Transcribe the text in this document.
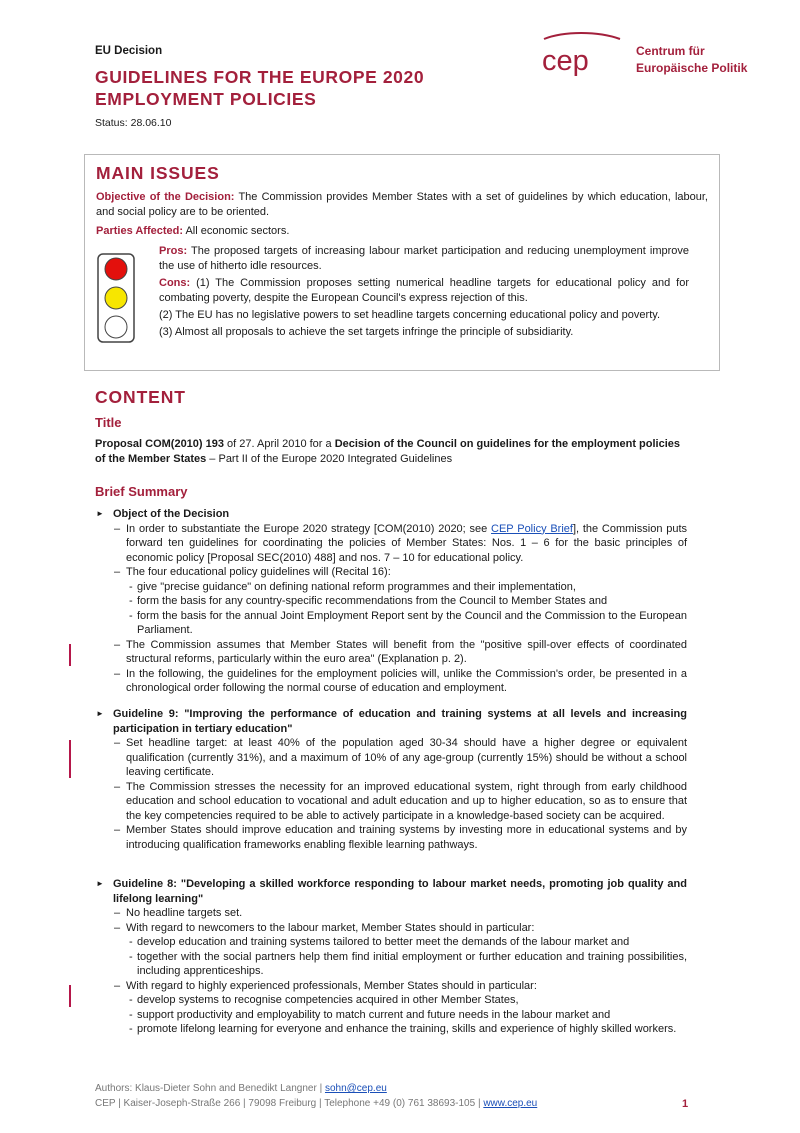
EU Decision
GUIDELINES FOR THE EUROPE 2020
EMPLOYMENT POLICIES
Status: 28.06.10
cep	Centrum für
Europäische Politik
MAIN ISSUES

Objective of the Decision: The Commission provides Member States with a set of guidelines by which education, labour, and social policy are to be oriented.

Parties Affected: All economic sectors.

Pros: The proposed targets of increasing labour market participation and reducing unemployment improve the use of hitherto idle resources.

Cons: (1) The Commission proposes setting numerical headline targets for educational policy and for combating poverty, despite the European Council's express rejection of this.

(2) The EU has no legislative powers to set headline targets concerning educational policy and poverty.

(3) Almost all proposals to achieve the set targets infringe the principle of subsidiarity.

CONTENT
Title
Proposal COM(2010) 193 of 27. April 2010 for a Decision of the Council on guidelines for the employment policies of the Member States – Part II of the Europe 2020 Integrated Guidelines
Brief Summary
► Object of the Decision
– In order to substantiate the Europe 2020 strategy [COM(2010) 2020; see CEP Policy Brief], the Commission puts forward ten guidelines for coordinating the policies of Member States: Nos. 1 – 6 for the basic principles of economic policy [Proposal SEC(2010) 488] and nos. 7 – 10 for educational policy.
– The four educational policy guidelines will (Recital 16):
- give "precise guidance" on defining national reform programmes and their implementation,
- form the basis for any country-specific recommendations from the Council to Member States and
- form the basis for the annual Joint Employment Report sent by the Council and the Commission to the European Parliament.
– The Commission assumes that Member States will benefit from the "positive spill-over effects of coordinated structural reforms, particularly within the euro area" (Explanation p. 2).
– In the following, the guidelines for the employment policies will, unlike the Commission's order, be presented in a chronological order following the normal course of education and employment.
► Guideline 9: "Improving the performance of education and training systems at all levels and increasing participation in tertiary education"
– Set headline target: at least 40% of the population aged 30-34 should have a higher degree or equivalent qualification (currently 31%), and a maximum of 10% of any age-group (currently 15%) should be without a school leaving certificate.
– The Commission stresses the necessity for an improved educational system, right through from early childhood education and school education to vocational and adult education and up to higher education, so as to ensure that the key competencies required to be able to actively participate in a knowledge-based society can be acquired.
– Member States should improve education and training systems by investing more in educational systems and by introducing qualification frameworks enabling flexible learning pathways.
► Guideline 8: "Developing a skilled workforce responding to labour market needs, promoting job quality and lifelong learning"
– No headline targets set.
– With regard to newcomers to the labour market, Member States should in particular:
- develop education and training systems tailored to better meet the demands of the labour market and
- together with the social partners help them find initial employment or further education and training possibilities, including apprenticeships.
– With regard to highly experienced professionals, Member States should in particular:
- develop systems to recognise competencies acquired in other Member States,
- support productivity and employability to match current and future needs in the labour market and
- promote lifelong learning for everyone and enhance the training, skills and experience of highly skilled workers.
Authors: Klaus-Dieter Sohn and Benedikt Langner | sohn@cep.eu
CEP | Kaiser-Joseph-Straße 266 | 79098 Freiburg | Telephone +49 (0) 761 38693-105 | www.cep.eu	1
